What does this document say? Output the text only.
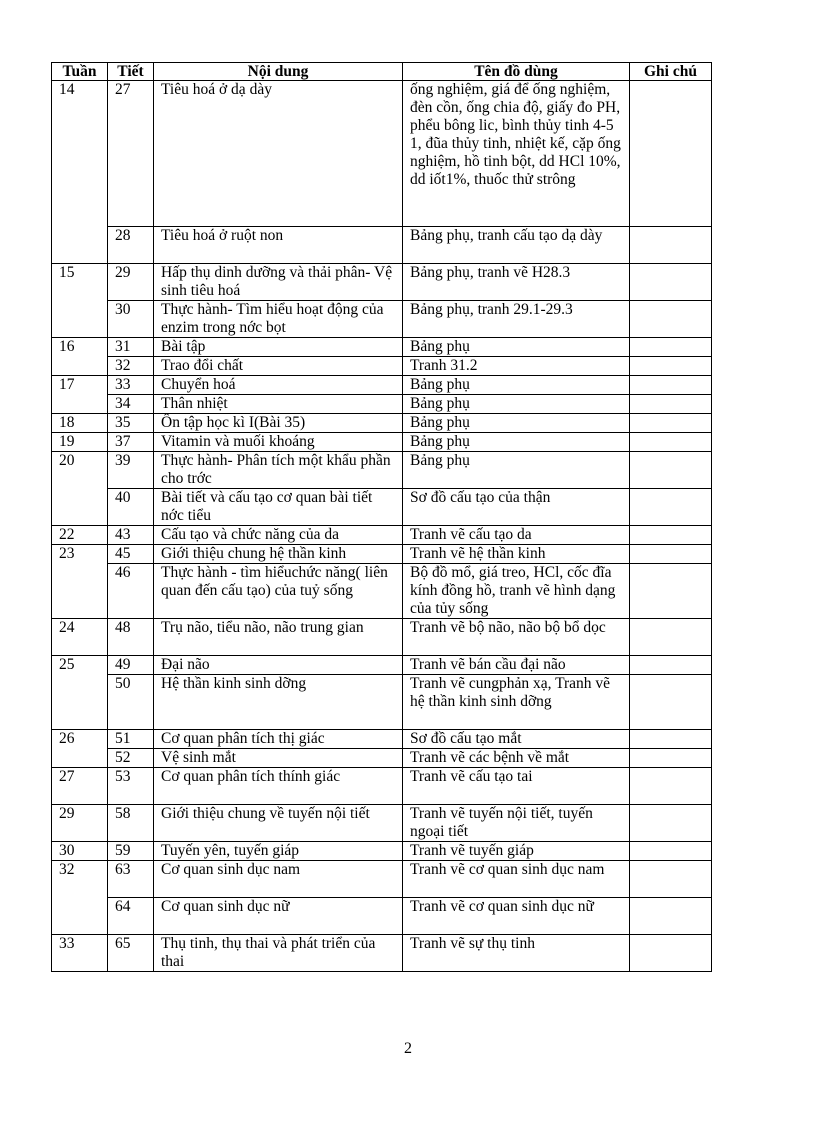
Tuần	Tiết	Nội dung	Tên đồ dùng	Ghi chú
14	27	Tiêu hoá ở dạ dày	ống nghiệm, giá để ống nghiệm, đèn cồn, ống chia độ, giấy đo PH, phểu bông lic, bình thủy tinh 4-5 1, đũa thủy tinh, nhiệt kế, cặp ống nghiệm, hồ tinh bột, dd HCl 10%, dd iốt1%, thuốc thử strông	
	28	Tiêu hoá ở ruột non	Bảng phụ, tranh cấu tạo dạ dày	
15	29	Hấp thụ dinh dưỡng và thải phân- Vệ sinh tiêu hoá	Bảng phụ, tranh vẽ H28.3	
	30	Thực hành- Tìm hiểu hoạt động của enzim trong nớc bọt	Bảng phụ, tranh 29.1-29.3	
16	31	Bài tập	Bảng phụ	
	32	Trao đổi chất	Tranh 31.2	
17	33	Chuyển hoá	Bảng phụ	
	34	Thân nhiệt	Bảng phụ	
18	35	Ôn tập học kì I(Bài 35)	Bảng phụ	
19	37	Vitamin và muối khoáng	Bảng phụ	
20	39	Thực hành- Phân tích một khẩu phần cho trớc	Bảng phụ	
	40	Bài tiết và cấu tạo cơ quan bài tiết nớc tiểu	Sơ đồ cấu tạo của thận	
22	43	Cấu tạo và chức năng của da	Tranh vẽ cấu tạo da	
23	45	Giới thiệu chung hệ thần kinh	Tranh vẽ hệ thần kinh	
	46	Thực hành - tìm hiểuchức năng( liên quan đến cấu tạo) của tuỷ sống	Bộ đồ mổ, giá treo, HCl, cốc đĩa kính đồng hồ, tranh vẽ hình dạng của tủy sống	
24	48	Trụ não, tiểu não, não trung gian	Tranh vẽ bộ não, não bộ bổ dọc	
25	49	Đại não	Tranh vẽ bán cầu đại não	
	50	Hệ thần kinh sinh dỡng	Tranh vẽ cungphản xạ, Tranh vẽ hệ thần kinh sinh dỡng	
26	51	Cơ quan phân tích thị giác	Sơ đồ cấu tạo mắt	
	52	Vệ sinh mắt	Tranh vẽ các bệnh về mắt	
27	53	Cơ quan phân tích thính giác	Tranh vẽ cấu tạo tai	
29	58	Giới thiệu chung về tuyến nội tiết	Tranh vẽ tuyến nội tiết, tuyến ngoại tiết	
30	59	Tuyến yên, tuyến giáp	Tranh vẽ tuyến giáp	
32	63	Cơ quan sinh dục nam	Tranh vẽ cơ quan sinh dục nam	
	64	Cơ quan sinh dục nữ	Tranh vẽ cơ quan sinh dục nữ	
33	65	Thụ tinh, thụ thai và phát triển của thai	Tranh vẽ sự thụ tinh	
2
